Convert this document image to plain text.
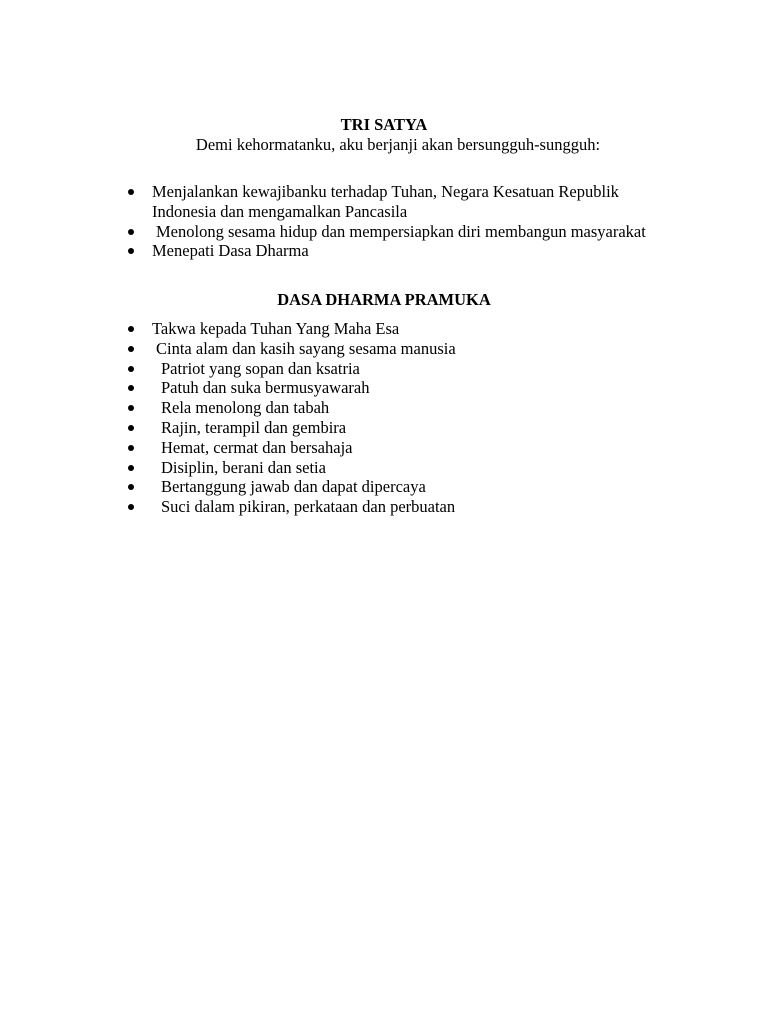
TRI SATYA

Demi kehormatanku, aku berjanji akan bersungguh-sungguh:

Menjalankan kewajibanku terhadap Tuhan, Negara Kesatuan Republik Indonesia dan mengamalkan Pancasila
Menolong sesama hidup dan mempersiapkan diri membangun masyarakat
Menepati Dasa Dharma
DASA DHARMA PRAMUKA
Takwa kepada Tuhan Yang Maha Esa
Cinta alam dan kasih sayang sesama manusia
Patriot yang sopan dan ksatria
Patuh dan suka bermusyawarah
Rela menolong dan tabah
Rajin, terampil dan gembira
Hemat, cermat dan bersahaja
Disiplin, berani dan setia
Bertanggung jawab dan dapat dipercaya
Suci dalam pikiran, perkataan dan perbuatan
